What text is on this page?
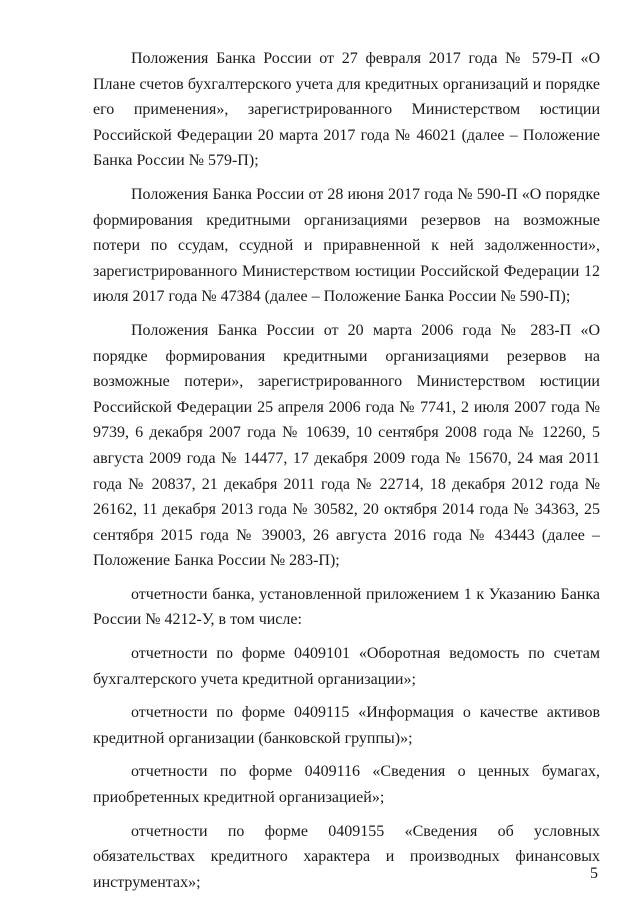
Положения Банка России от 27 февраля 2017 года № 579-П «О Плане счетов бухгалтерского учета для кредитных организаций и порядке его применения», зарегистрированного Министерством юстиции Российской Федерации 20 марта 2017 года № 46021 (далее – Положение Банка России № 579-П);

Положения Банка России от 28 июня 2017 года № 590-П «О порядке формирования кредитными организациями резервов на возможные потери по ссудам, ссудной и приравненной к ней задолженности», зарегистрированного Министерством юстиции Российской Федерации 12 июля 2017 года № 47384 (далее – Положение Банка России № 590-П);

Положения Банка России от 20 марта 2006 года № 283-П «О порядке формирования кредитными организациями резервов на возможные потери», зарегистрированного Министерством юстиции Российской Федерации 25 апреля 2006 года № 7741, 2 июля 2007 года № 9739, 6 декабря 2007 года № 10639, 10 сентября 2008 года № 12260, 5 августа 2009 года № 14477, 17 декабря 2009 года № 15670, 24 мая 2011 года № 20837, 21 декабря 2011 года № 22714, 18 декабря 2012 года № 26162, 11 декабря 2013 года № 30582, 20 октября 2014 года № 34363, 25 сентября 2015 года № 39003, 26 августа 2016 года № 43443 (далее – Положение Банка России № 283-П);

отчетности банка, установленной приложением 1 к Указанию Банка России № 4212-У, в том числе:

отчетности по форме 0409101 «Оборотная ведомость по счетам бухгалтерского учета кредитной организации»;

отчетности по форме 0409115 «Информация о качестве активов кредитной организации (банковской группы)»;

отчетности по форме 0409116 «Сведения о ценных бумагах, приобретенных кредитной организацией»;

отчетности по форме 0409155 «Сведения об условных обязательствах кредитного характера и производных финансовых инструментах»;

5
